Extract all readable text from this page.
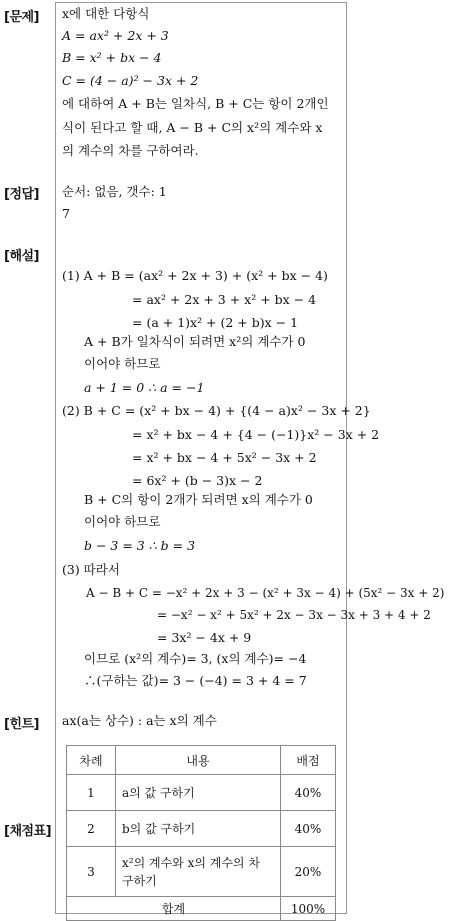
[문제]
[정답]
[해설]
[힌트]
[채점표]
x에 대한 다항식
A = ax² + 2x + 3
B = x² + bx − 4
C = (4 − a)² − 3x + 2
에 대하여 A + B는 일차식, B + C는 항이 2개인
식이 된다고 할 때, A − B + C의 x²의 계수와 x
의 계수의 차를 구하여라.
순서: 없음, 갯수: 1
7
(1) A + B = (ax² + 2x + 3) + (x² + bx − 4)
= ax² + 2x + 3 + x² + bx − 4
= (a + 1)x² + (2 + b)x − 1
A + B가 일차식이 되려면 x²의 계수가 0
이어야 하므로
a + 1 = 0 ∴ a = −1
(2) B + C = (x² + bx − 4) + {(4 − a)x² − 3x + 2}
= x² + bx − 4 + {4 − (−1)}x² − 3x + 2
= x² + bx − 4 + 5x² − 3x + 2
= 6x² + (b − 3)x − 2
B + C의 항이 2개가 되려면 x의 계수가 0
이어야 하므로
b − 3 = 3 ∴ b = 3
(3) 따라서
A − B + C = −x² + 2x + 3 − (x² + 3x − 4) + (5x² − 3x + 2)
= −x² − x² + 5x² + 2x − 3x − 3x + 3 + 4 + 2
= 3x² − 4x + 9
이므로 (x²의 계수)= 3, (x의 계수)= −4
∴(구하는 값)= 3 − (−4) = 3 + 4 = 7
ax(a는 상수) : a는 x의 계수
차례	내용	배점
1	a의 값 구하기	40%
2	b의 값 구하기	40%
3	x²의 계수와 x의 계수의 차 구하기	20%
합계		100%
